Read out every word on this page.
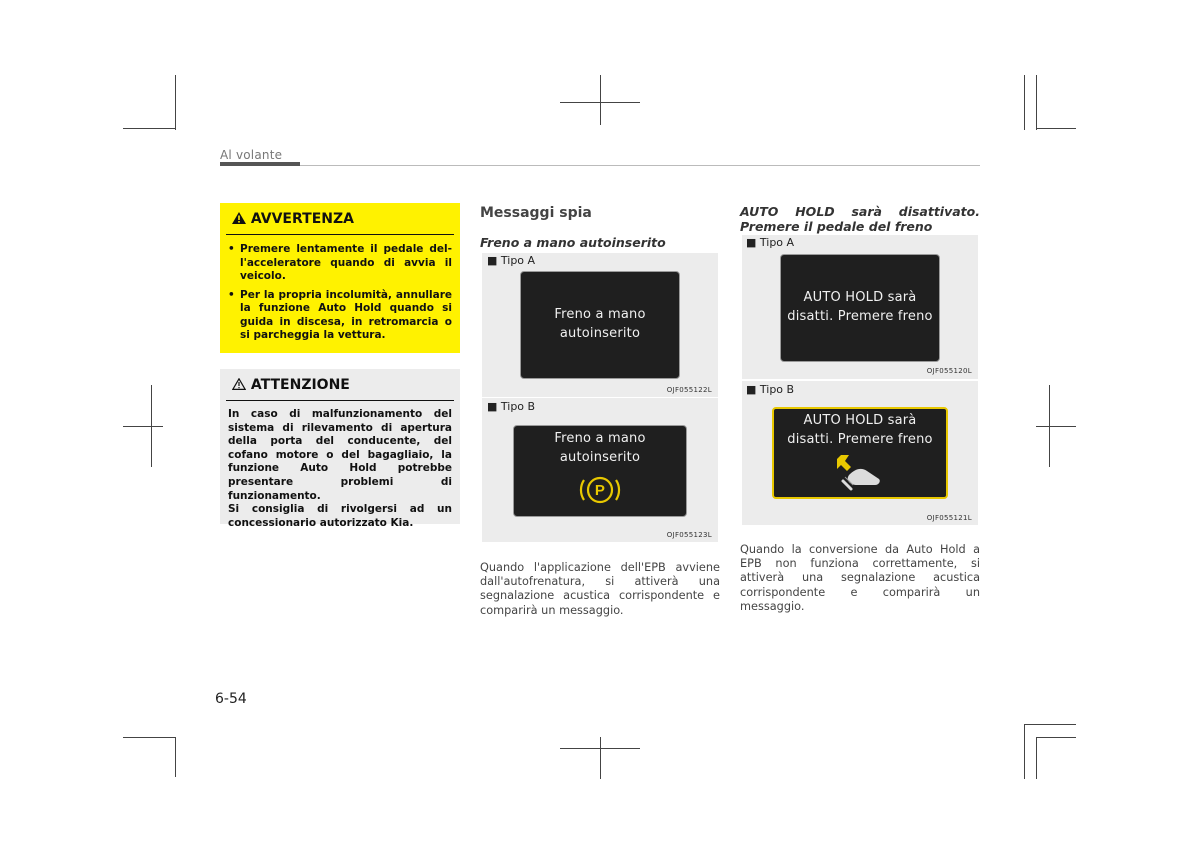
Al volante
AVVERTENZA
• Premere lentamente il pedale del-l'acceleratore quando di avvia il veicolo.
• Per la propria incolumità, annullare la funzione Auto Hold quando si guida in discesa, in retromarcia o si parcheggia la vettura.
ATTENZIONE
In caso di malfunzionamento del sistema di rilevamento di apertura della porta del conducente, del cofano motore o del bagagliaio, la funzione Auto Hold potrebbe presentare problemi di funzionamento.
Si consiglia di rivolgersi ad un concessionario autorizzato Kia.
Messaggi spia
Freno a mano autoinserito
■ Tipo A
Freno a mano
autoinserito
OJF055122L
■ Tipo B
Freno a mano
autoinserito
P
OJF055123L

Quando l'applicazione dell'EPB avviene dall'autofrenatura, si attiverà una segnalazione acustica corrispondente e comparirà un messaggio.

AUTO HOLD sarà disattivato.
Premere il pedale del freno
■ Tipo A
AUTO HOLD sarà
disatti. Premere freno
OJF055120L
■ Tipo B
AUTO HOLD sarà
disatti. Premere freno
OJF055121L

Quando la conversione da Auto Hold a EPB non funziona correttamente, si attiverà una segnalazione acustica corrispondente e comparirà un messaggio.

6-54
